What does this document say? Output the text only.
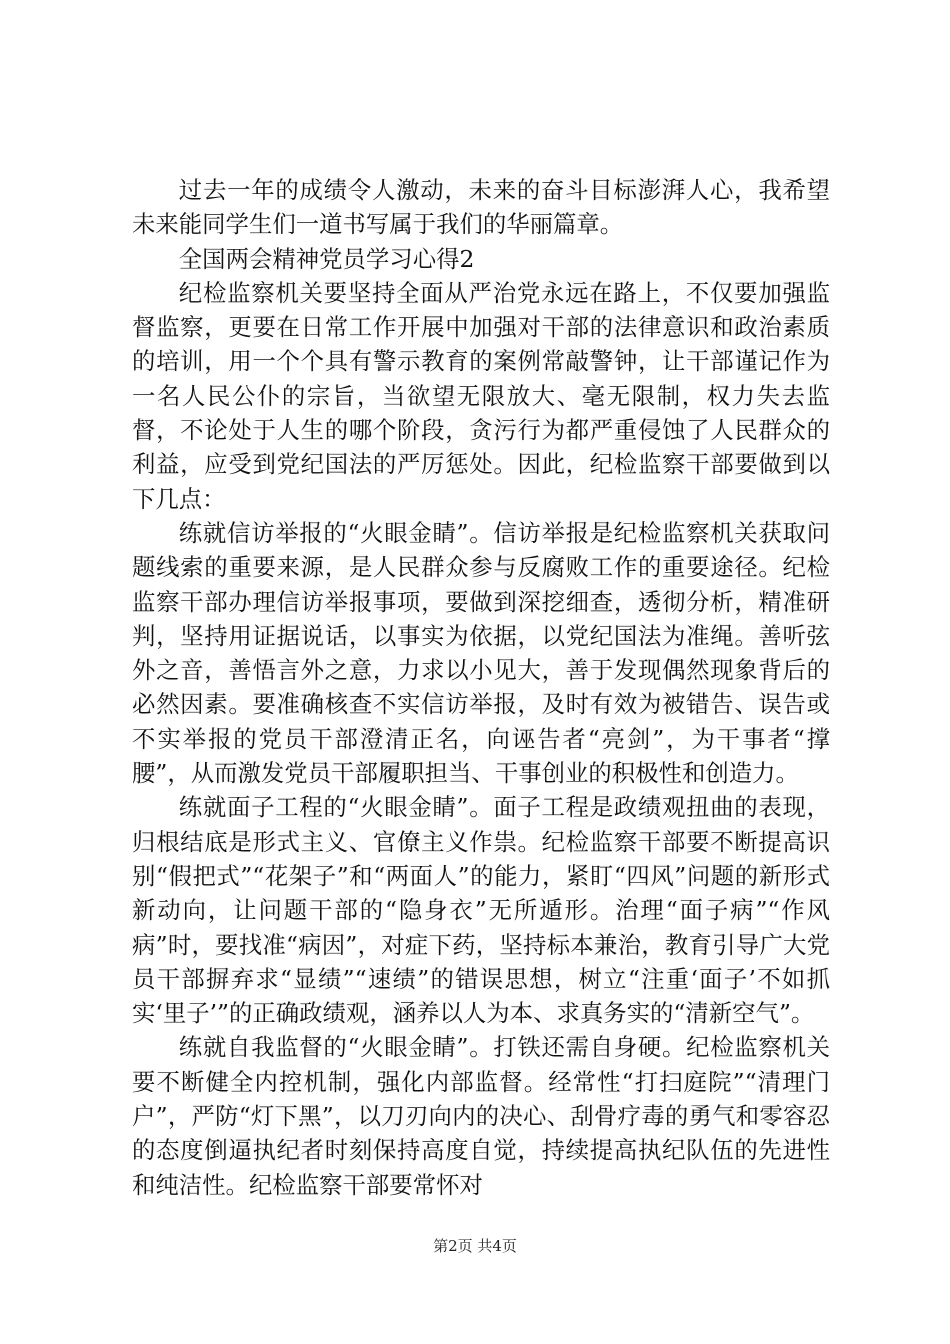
过去一年的成绩令人激动，未来的奋斗目标澎湃人心，我希望未来能同学生们一道书写属于我们的华丽篇章。

全国两会精神党员学习心得2

纪检监察机关要坚持全面从严治党永远在路上，不仅要加强监督监察，更要在日常工作开展中加强对干部的法律意识和政治素质的培训，用一个个具有警示教育的案例常敲警钟，让干部谨记作为一名人民公仆的宗旨，当欲望无限放大、毫无限制，权力失去监督，不论处于人生的哪个阶段，贪污行为都严重侵蚀了人民群众的利益，应受到党纪国法的严厉惩处。因此，纪检监察干部要做到以下几点：

练就信访举报的“火眼金睛”。信访举报是纪检监察机关获取问题线索的重要来源，是人民群众参与反腐败工作的重要途径。纪检监察干部办理信访举报事项，要做到深挖细查，透彻分析，精准研判，坚持用证据说话，以事实为依据，以党纪国法为准绳。善听弦外之音，善悟言外之意，力求以小见大，善于发现偶然现象背后的必然因素。要准确核查不实信访举报，及时有效为被错告、误告或不实举报的党员干部澄清正名，向诬告者“亮剑”，为干事者“撑腰”，从而激发党员干部履职担当、干事创业的积极性和创造力。

练就面子工程的“火眼金睛”。面子工程是政绩观扭曲的表现，归根结底是形式主义、官僚主义作祟。纪检监察干部要不断提高识别“假把式”“花架子”和“两面人”的能力，紧盯“四风”问题的新形式新动向，让问题干部的“隐身衣”无所遁形。治理“面子病”“作风病”时，要找准“病因”，对症下药，坚持标本兼治，教育引导广大党员干部摒弃求“显绩”“速绩”的错误思想，树立“注重‘面子’不如抓实‘里子’”的正确政绩观，涵养以人为本、求真务实的“清新空气”。

练就自我监督的“火眼金睛”。打铁还需自身硬。纪检监察机关要不断健全内控机制，强化内部监督。经常性“打扫庭院”“清理门户”，严防“灯下黑”，以刀刃向内的决心、刮骨疗毒的勇气和零容忍的态度倒逼执纪者时刻保持高度自觉，持续提高执纪队伍的先进性和纯洁性。纪检监察干部要常怀对

第2页 共4页
